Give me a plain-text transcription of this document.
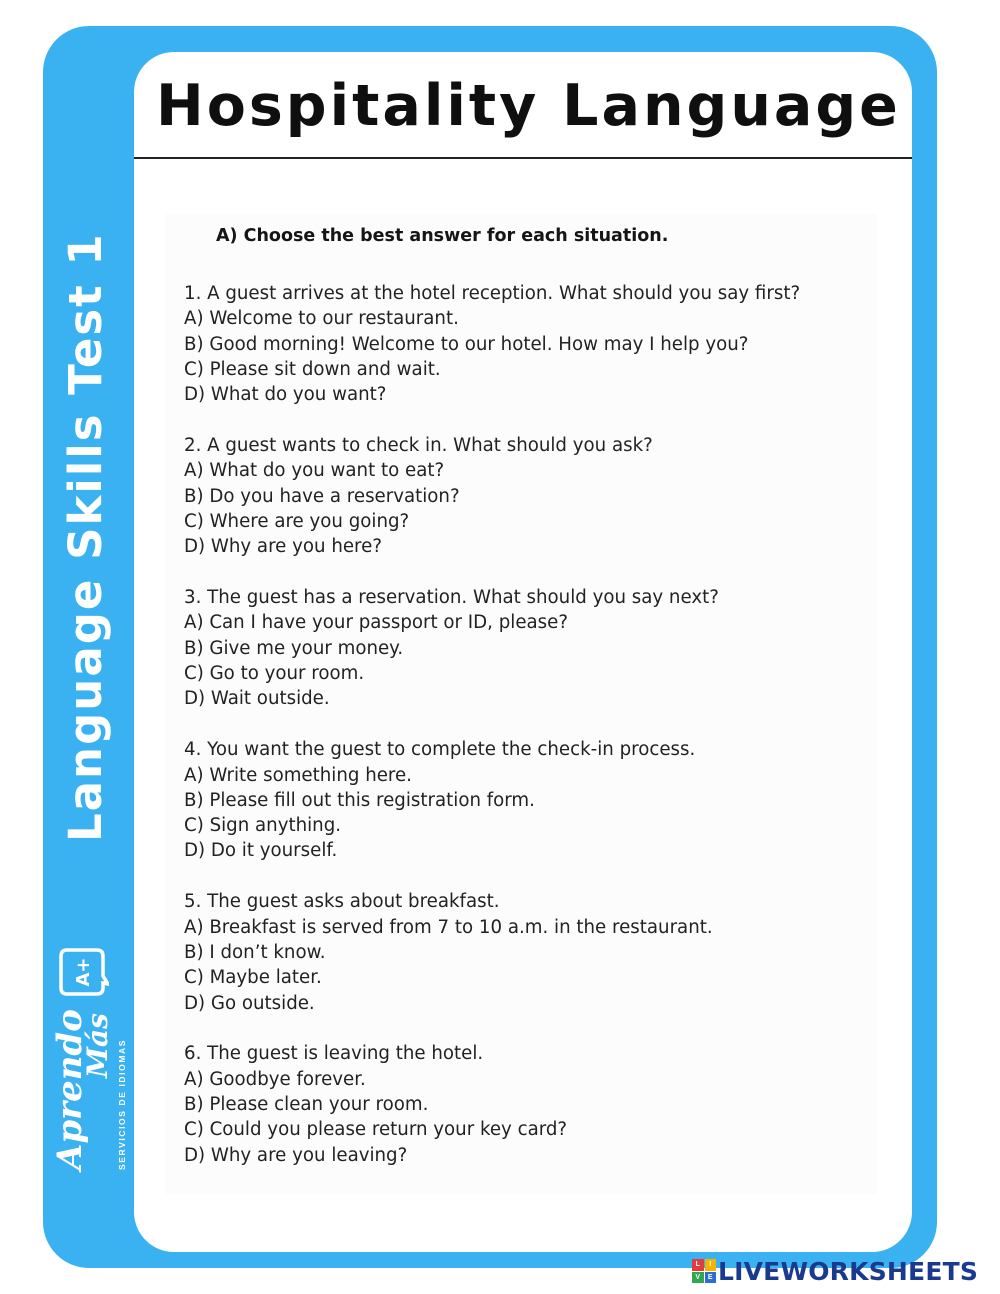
Language Skills Test 1
A+
Aprendo
Más SERVICIOS DE IDIOMAS
Hospitality Language
A) Choose the best answer for each situation.
1. A guest arrives at the hotel reception. What should you say first?
A) Welcome to our restaurant.
B) Good morning! Welcome to our hotel. How may I help you?
C) Please sit down and wait.
D) What do you want?
2. A guest wants to check in. What should you ask?
A) What do you want to eat?
B) Do you have a reservation?
C) Where are you going?
D) Why are you here?
3. The guest has a reservation. What should you say next?
A) Can I have your passport or ID, please?
B) Give me your money.
C) Go to your room.
D) Wait outside.
4. You want the guest to complete the check-in process.
A) Write something here.
B) Please fill out this registration form.
C) Sign anything.
D) Do it yourself.
5. The guest asks about breakfast.
A) Breakfast is served from 7 to 10 a.m. in the restaurant.
B) I don’t know.
C) Maybe later.
D) Go outside.
6. The guest is leaving the hotel.
A) Goodbye forever.
B) Please clean your room.
C) Could you please return your key card?
D) Why are you leaving?
L	I
V	E LIVEWORKSHEETS
